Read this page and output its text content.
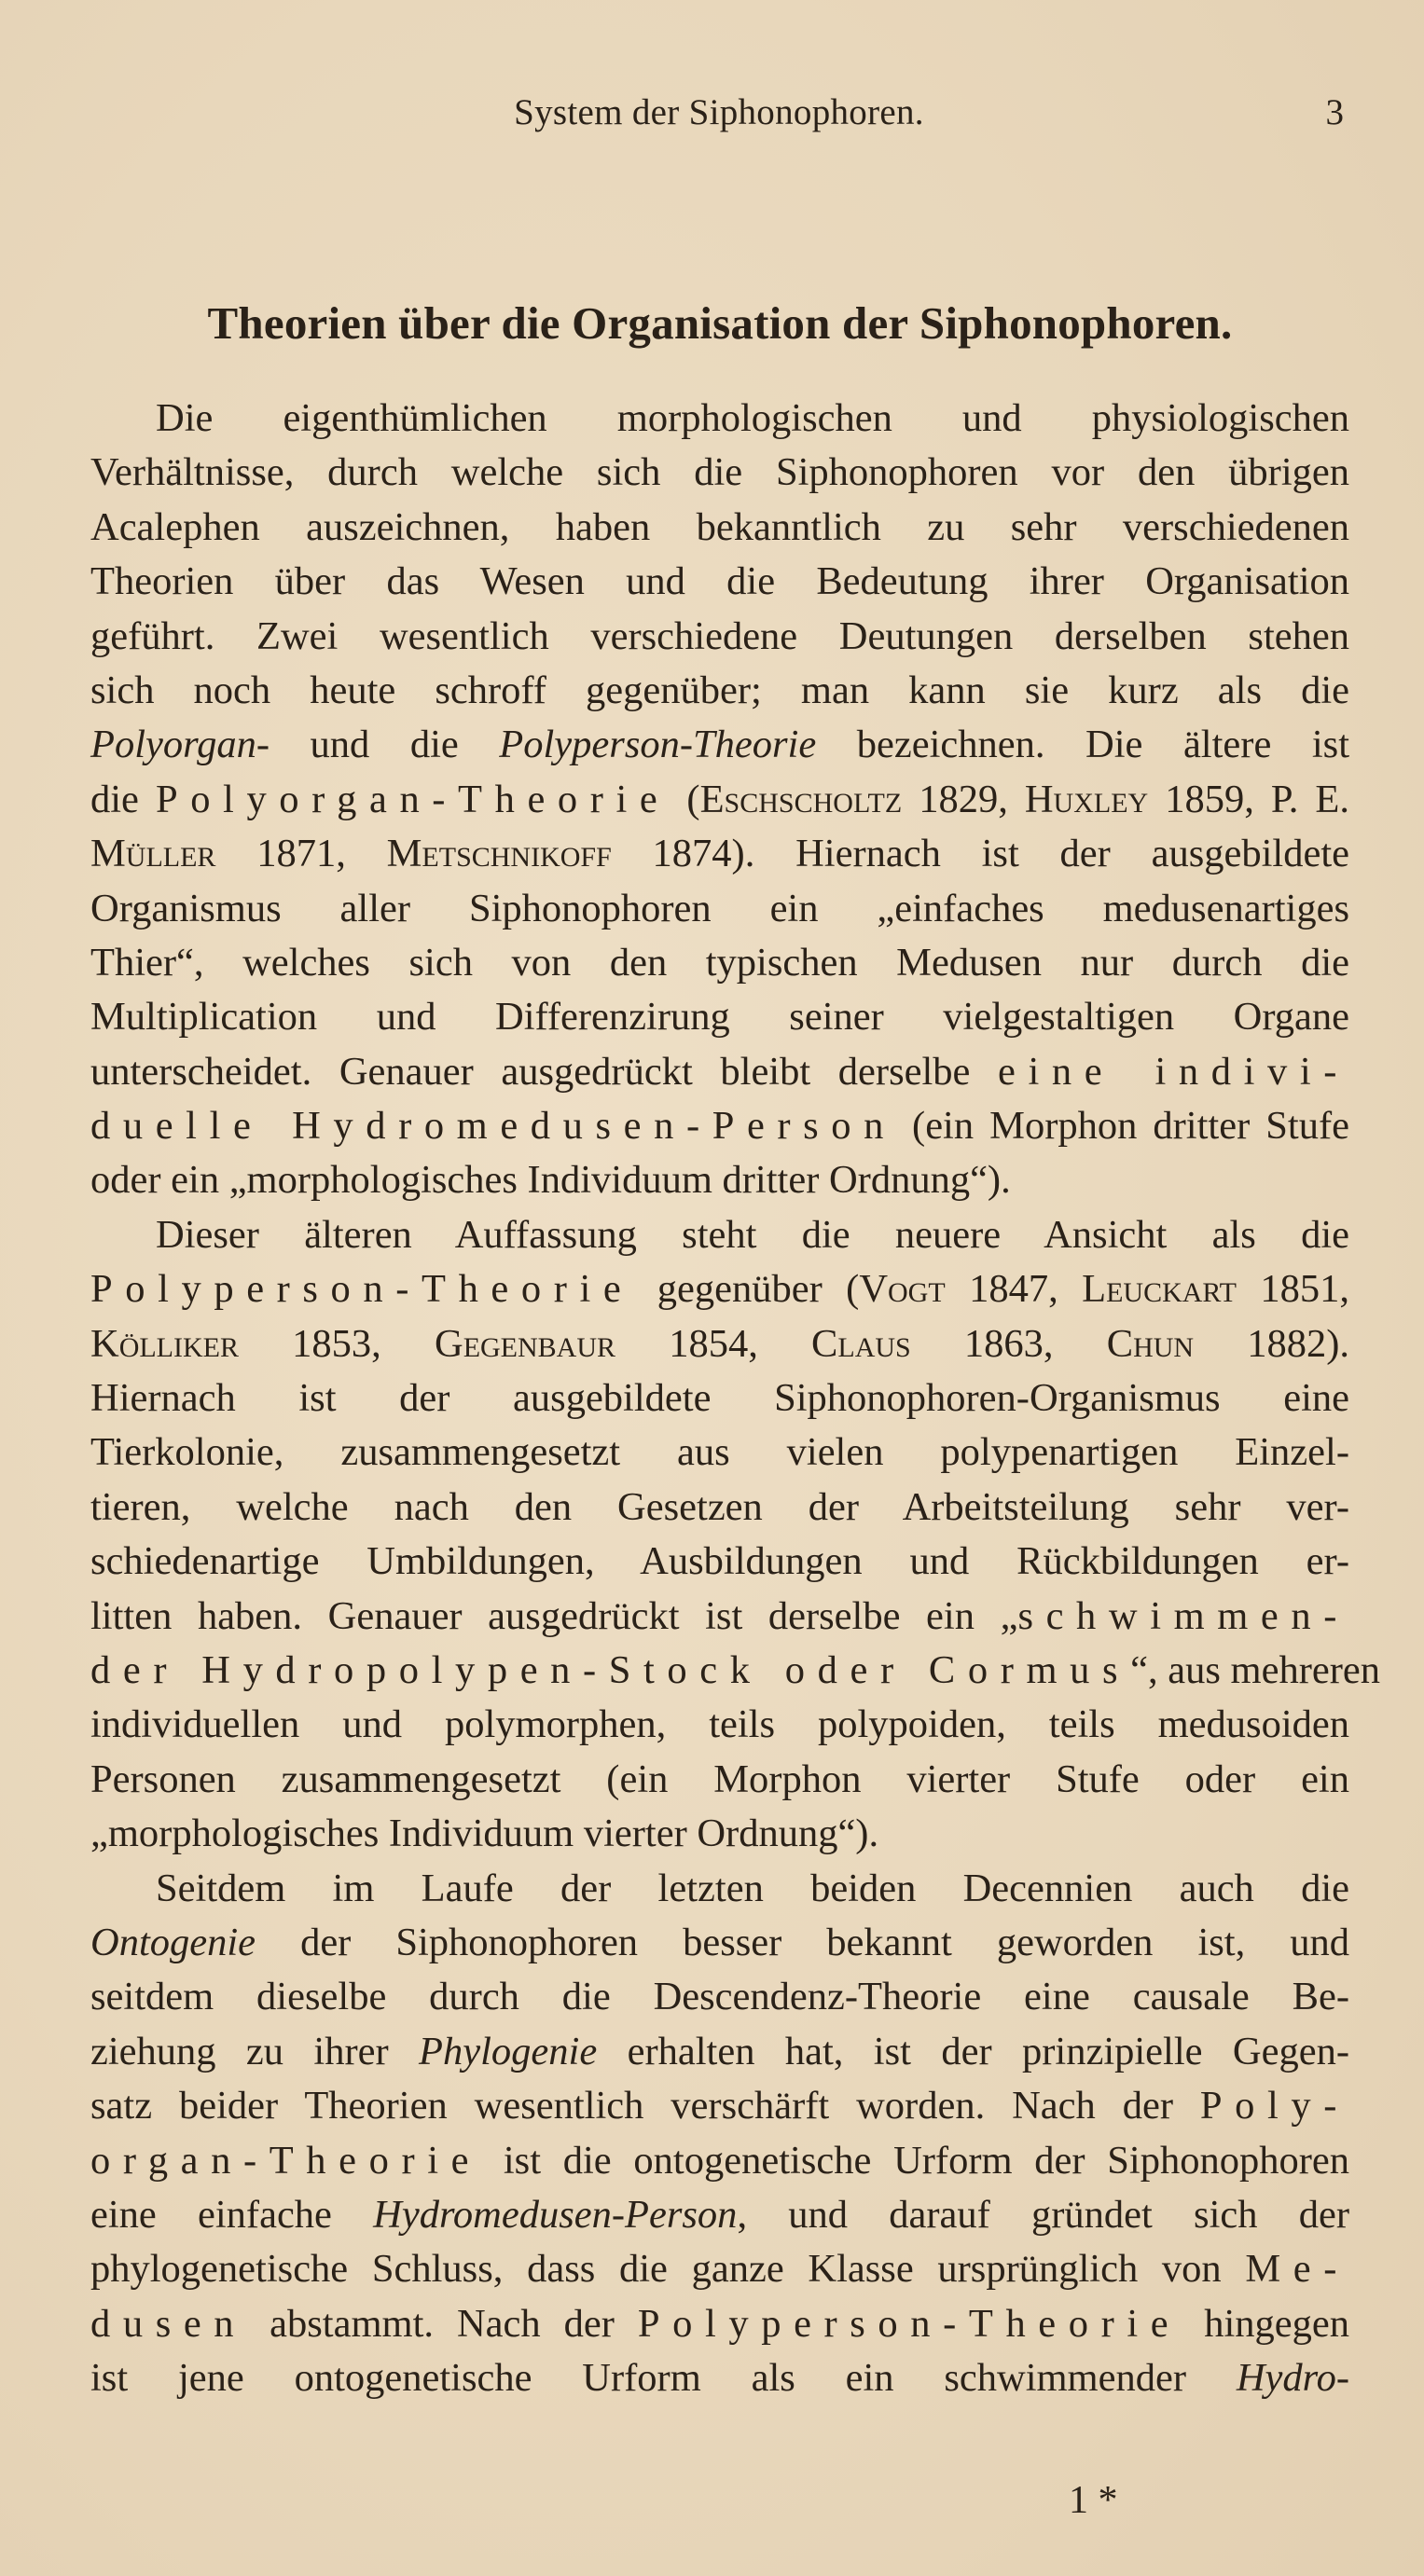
System der Siphonophoren.	3
Theorien über die Organisation der Siphonophoren.
Die eigenthümlichen morphologischen und physiologischen
Verhältnisse, durch welche sich die Siphonophoren vor den übrigen
Acalephen auszeichnen, haben bekanntlich zu sehr verschiedenen
Theorien über das Wesen und die Bedeutung ihrer Organisation
geführt. Zwei wesentlich verschiedene Deutungen derselben stehen
sich noch heute schroff gegenüber; man kann sie kurz als die
Polyorgan- und die Polyperson-Theorie bezeichnen. Die ältere ist
die Polyorgan-Theorie (Eschscholtz 1829, Huxley 1859, P. E.
Müller 1871, Metschnikoff 1874). Hiernach ist der ausgebildete
Organismus aller Siphonophoren ein „einfaches medusenartiges
Thier“, welches sich von den typischen Medusen nur durch die
Multiplication und Differenzirung seiner vielgestaltigen Organe
unterscheidet. Genauer ausgedrückt bleibt derselbe eine indivi-
duelle Hydromedusen-Person (ein Morphon dritter Stufe
oder ein „morphologisches Individuum dritter Ordnung“).
Dieser älteren Auffassung steht die neuere Ansicht als die
Polyperson-Theorie gegenüber (Vogt 1847, Leuckart 1851,
Kölliker 1853, Gegenbaur 1854, Claus 1863, Chun 1882).
Hiernach ist der ausgebildete Siphonophoren-Organismus eine
Tierkolonie, zusammengesetzt aus vielen polypenartigen Einzel-
tieren, welche nach den Gesetzen der Arbeitsteilung sehr ver-
schiedenartige Umbildungen, Ausbildungen und Rückbildungen er-
litten haben. Genauer ausgedrückt ist derselbe ein „schwimmen-
der Hydropolypen-Stock oder Cormus“, aus mehreren
individuellen und polymorphen, teils polypoiden, teils medusoiden
Personen zusammengesetzt (ein Morphon vierter Stufe oder ein
„morphologisches Individuum vierter Ordnung“).
Seitdem im Laufe der letzten beiden Decennien auch die
Ontogenie der Siphonophoren besser bekannt geworden ist, und
seitdem dieselbe durch die Descendenz-Theorie eine causale Be-
ziehung zu ihrer Phylogenie erhalten hat, ist der prinzipielle Gegen-
satz beider Theorien wesentlich verschärft worden. Nach der Poly-
organ-Theorie ist die ontogenetische Urform der Siphonophoren
eine einfache Hydromedusen-Person, und darauf gründet sich der
phylogenetische Schluss, dass die ganze Klasse ursprünglich von Me-
dusen abstammt. Nach der Polyperson-Theorie hingegen
ist jene ontogenetische Urform als ein schwimmender Hydro-
1 *
